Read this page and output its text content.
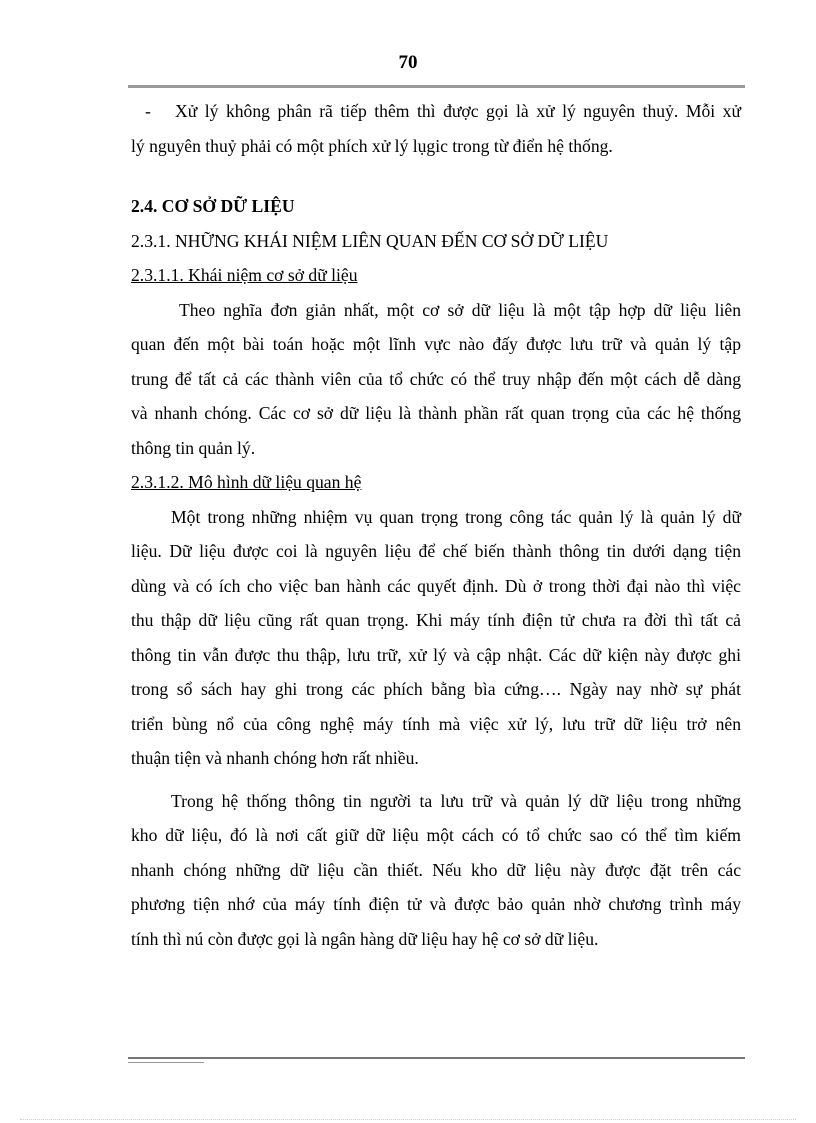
70
- Xử lý không phân rã tiếp thêm thì được gọi là xử lý nguyên thuỷ. Mỗi xử
lý nguyên thuỷ phải có một phích xử lý lụgic trong từ điển hệ thống.
2.4. CƠ SỞ DỮ LIỆU
2.3.1. NHỮNG KHÁI NIỆM LIÊN QUAN ĐẾN CƠ SỞ DỮ LIỆU
2.3.1.1. Khái niệm cơ sở dữ liệu
Theo nghĩa đơn giản nhất, một cơ sở dữ liệu là một tập hợp dữ liệu liên
quan đến một bài toán hoặc một lĩnh vực nào đấy được lưu trữ và quản lý tập
trung để tất cả các thành viên của tổ chức có thể truy nhập đến một cách dễ dàng
và nhanh chóng. Các cơ sở dữ liệu là thành phần rất quan trọng của các hệ thống
thông tin quản lý.
2.3.1.2. Mô hình dữ liệu quan hệ
Một trong những nhiệm vụ quan trọng trong công tác quản lý là quản lý dữ
liệu. Dữ liệu được coi là nguyên liệu để chế biến thành thông tin dưới dạng tiện
dùng và có ích cho việc ban hành các quyết định. Dù ở trong thời đại nào thì việc
thu thập dữ liệu cũng rất quan trọng. Khi máy tính điện tử chưa ra đời thì tất cả
thông tin vẫn được thu thập, lưu trữ, xử lý và cập nhật. Các dữ kiện này được ghi
trong sổ sách hay ghi trong các phích bằng bìa cứng…. Ngày nay nhờ sự phát
triển bùng nổ của công nghệ máy tính mà việc xử lý, lưu trữ dữ liệu trở nên
thuận tiện và nhanh chóng hơn rất nhiều.
Trong hệ thống thông tin người ta lưu trữ và quản lý dữ liệu trong những
kho dữ liệu, đó là nơi cất giữ dữ liệu một cách có tổ chức sao có thể tìm kiếm
nhanh chóng những dữ liệu cần thiết. Nếu kho dữ liệu này được đặt trên các
phương tiện nhớ của máy tính điện tử và được bảo quản nhờ chương trình máy
tính thì nú còn được gọi là ngân hàng dữ liệu hay hệ cơ sở dữ liệu.
